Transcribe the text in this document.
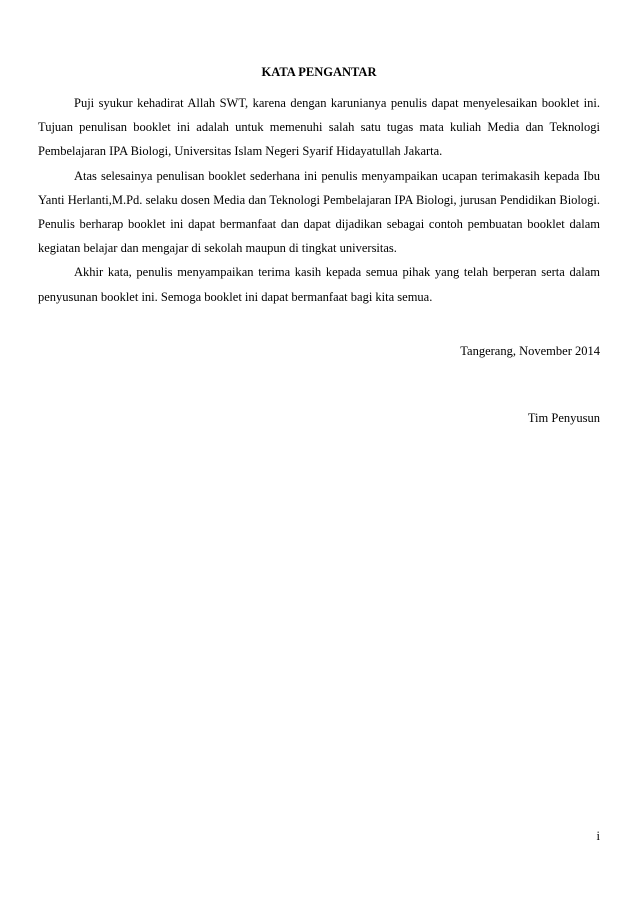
KATA PENGANTAR

Puji syukur kehadirat Allah SWT, karena dengan karunianya penulis dapat menyelesaikan booklet ini. Tujuan penulisan booklet ini adalah untuk memenuhi salah satu tugas mata kuliah Media dan Teknologi Pembelajaran IPA Biologi, Universitas Islam Negeri Syarif Hidayatullah Jakarta.

Atas selesainya penulisan booklet sederhana ini penulis menyampaikan ucapan terimakasih kepada Ibu Yanti Herlanti,M.Pd. selaku dosen Media dan Teknologi Pembelajaran IPA Biologi, jurusan Pendidikan Biologi. Penulis berharap booklet ini dapat bermanfaat dan dapat dijadikan sebagai contoh pembuatan booklet dalam kegiatan belajar dan mengajar di sekolah maupun di tingkat universitas.

Akhir kata, penulis menyampaikan terima kasih kepada semua pihak yang telah berperan serta dalam penyusunan booklet ini. Semoga booklet ini dapat bermanfaat bagi kita semua.

Tangerang, November 2014
Tim Penyusun
i
